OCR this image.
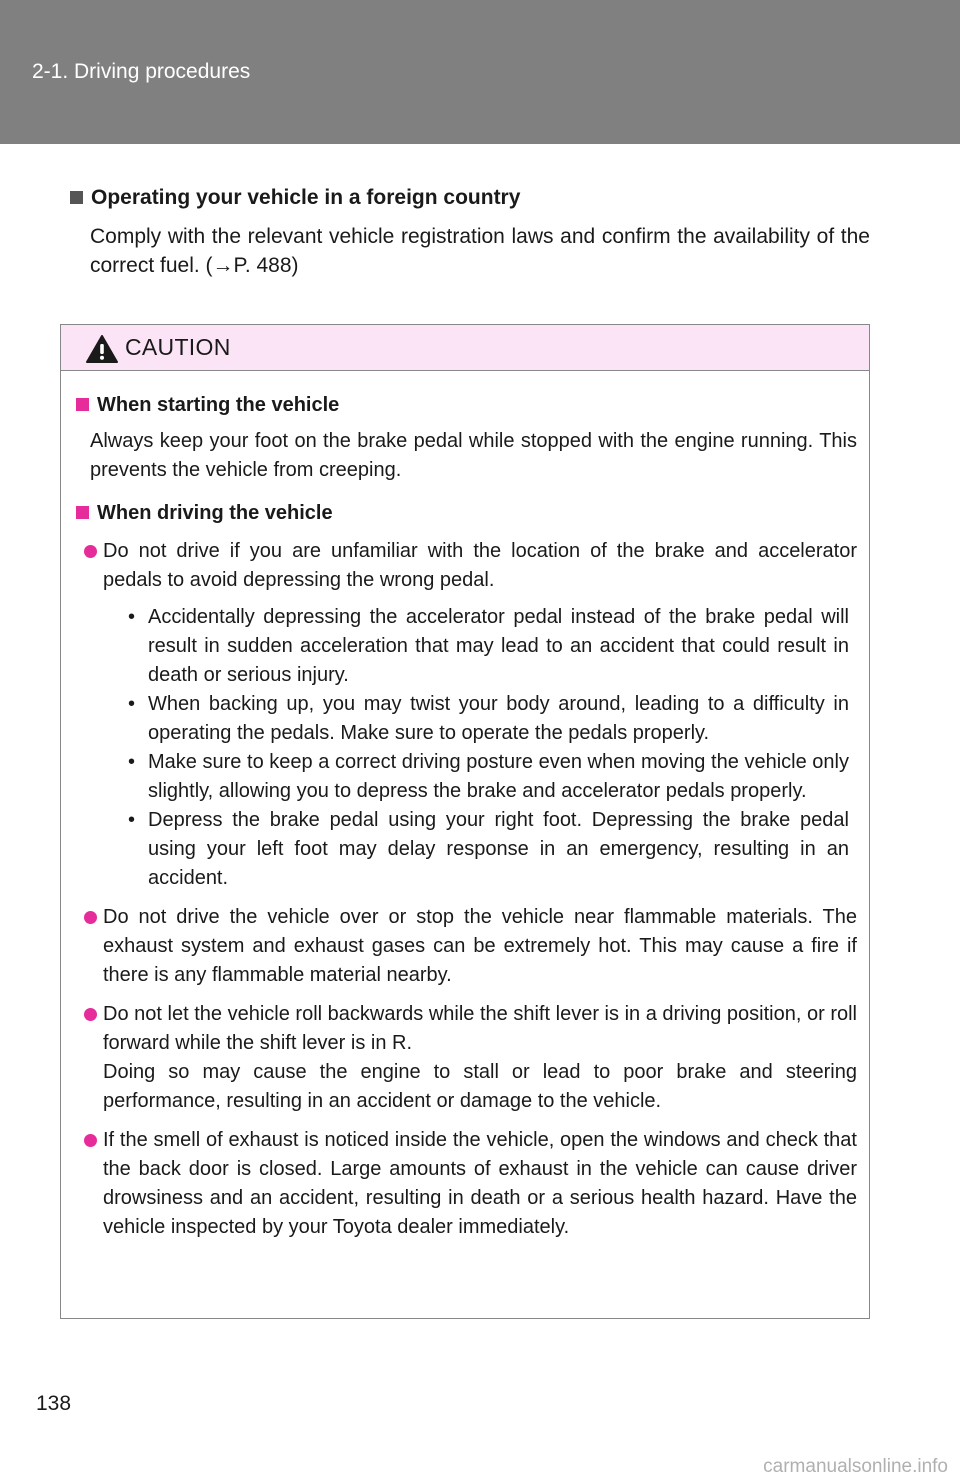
2-1. Driving procedures
Operating your vehicle in a foreign country
Comply with the relevant vehicle registration laws and confirm the availability of the correct fuel. (→P. 488)
CAUTION
When starting the vehicle
Always keep your foot on the brake pedal while stopped with the engine running. This prevents the vehicle from creeping.
When driving the vehicle
Do not drive if you are unfamiliar with the location of the brake and accelerator pedals to avoid depressing the wrong pedal.
• Accidentally depressing the accelerator pedal instead of the brake pedal will result in sudden acceleration that may lead to an accident that could result in death or serious injury.
• When backing up, you may twist your body around, leading to a difficulty in operating the pedals. Make sure to operate the pedals properly.
• Make sure to keep a correct driving posture even when moving the vehicle only slightly, allowing you to depress the brake and accelerator pedals properly.
• Depress the brake pedal using your right foot. Depressing the brake pedal using your left foot may delay response in an emergency, resulting in an accident.
Do not drive the vehicle over or stop the vehicle near flammable materials. The exhaust system and exhaust gases can be extremely hot. This may cause a fire if there is any flammable material nearby.
Do not let the vehicle roll backwards while the shift lever is in a driving position, or roll forward while the shift lever is in R.
Doing so may cause the engine to stall or lead to poor brake and steering performance, resulting in an accident or damage to the vehicle.
If the smell of exhaust is noticed inside the vehicle, open the windows and check that the back door is closed. Large amounts of exhaust in the vehicle can cause driver drowsiness and an accident, resulting in death or a serious health hazard. Have the vehicle inspected by your Toyota dealer immediately.
138
carmanualsonline.info
